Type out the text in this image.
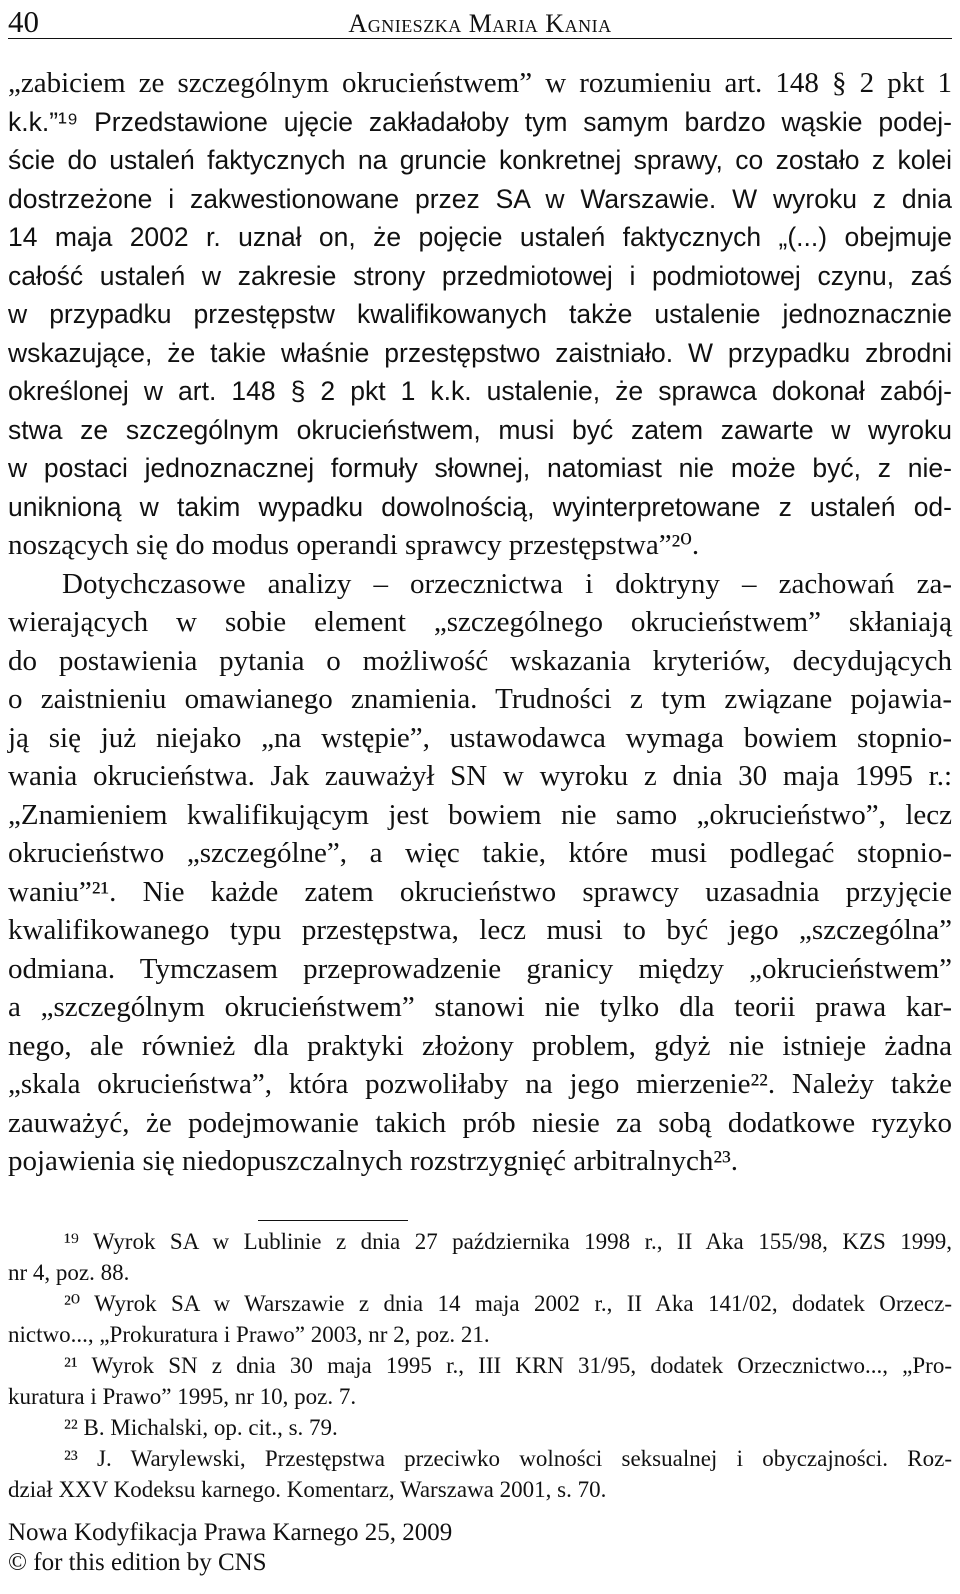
40	Agnieszka Maria Kania
„zabiciem ze szczególnym okrucieństwem” w rozumieniu art. 148 § 2 pkt 1
k.k.”¹⁹ Przedstawione ujęcie zakładałoby tym samym bardzo wąskie podej-
ście do ustaleń faktycznych na gruncie konkretnej sprawy, co zostało z kolei
dostrzeżone i zakwestionowane przez SA w Warszawie. W wyroku z dnia
14 maja 2002 r. uznał on, że pojęcie ustaleń faktycznych „(...) obejmuje
całość ustaleń w zakresie strony przedmiotowej i podmiotowej czynu, zaś
w przypadku przestępstw kwalifikowanych także ustalenie jednoznacznie
wskazujące, że takie właśnie przestępstwo zaistniało. W przypadku zbrodni
określonej w art. 148 § 2 pkt 1 k.k. ustalenie, że sprawca dokonał zabój-
stwa ze szczególnym okrucieństwem, musi być zatem zawarte w wyroku
w postaci jednoznacznej formuły słownej, natomiast nie może być, z nie-
uniknioną w takim wypadku dowolnością, wyinterpretowane z ustaleń od-
noszących się do modus operandi sprawcy przestępstwa”²⁰.
Dotychczasowe analizy – orzecznictwa i doktryny – zachowań za-
wierających w sobie element „szczególnego okrucieństwem” skłaniają
do postawienia pytania o możliwość wskazania kryteriów, decydujących
o zaistnieniu omawianego znamienia. Trudności z tym związane pojawia-
ją się już niejako „na wstępie”, ustawodawca wymaga bowiem stopnio-
wania okrucieństwa. Jak zauważył SN w wyroku z dnia 30 maja 1995 r.:
„Znamieniem kwalifikującym jest bowiem nie samo „okrucieństwo”, lecz
okrucieństwo „szczególne”, a więc takie, które musi podlegać stopnio-
waniu”²¹. Nie każde zatem okrucieństwo sprawcy uzasadnia przyjęcie
kwalifikowanego typu przestępstwa, lecz musi to być jego „szczególna”
odmiana. Tymczasem przeprowadzenie granicy między „okrucieństwem”
a „szczególnym okrucieństwem” stanowi nie tylko dla teorii prawa kar-
nego, ale również dla praktyki złożony problem, gdyż nie istnieje żadna
„skala okrucieństwa”, która pozwoliłaby na jego mierzenie²². Należy także
zauważyć, że podejmowanie takich prób niesie za sobą dodatkowe ryzyko
pojawienia się niedopuszczalnych rozstrzygnięć arbitralnych²³.
¹⁹ Wyrok SA w Lublinie z dnia 27 października 1998 r., II Aka 155/98, KZS 1999,
nr 4, poz. 88.
²⁰ Wyrok SA w Warszawie z dnia 14 maja 2002 r., II Aka 141/02, dodatek Orzecz-
nictwo..., „Prokuratura i Prawo” 2003, nr 2, poz. 21.
²¹ Wyrok SN z dnia 30 maja 1995 r., III KRN 31/95, dodatek Orzecznictwo..., „Pro-
kuratura i Prawo” 1995, nr 10, poz. 7.
²² B. Michalski, op. cit., s. 79.
²³ J. Warylewski, Przestępstwa przeciwko wolności seksualnej i obyczajności. Roz-
dział XXV Kodeksu karnego. Komentarz, Warszawa 2001, s. 70.
Nowa Kodyfikacja Prawa Karnego 25, 2009
© for this edition by CNS
